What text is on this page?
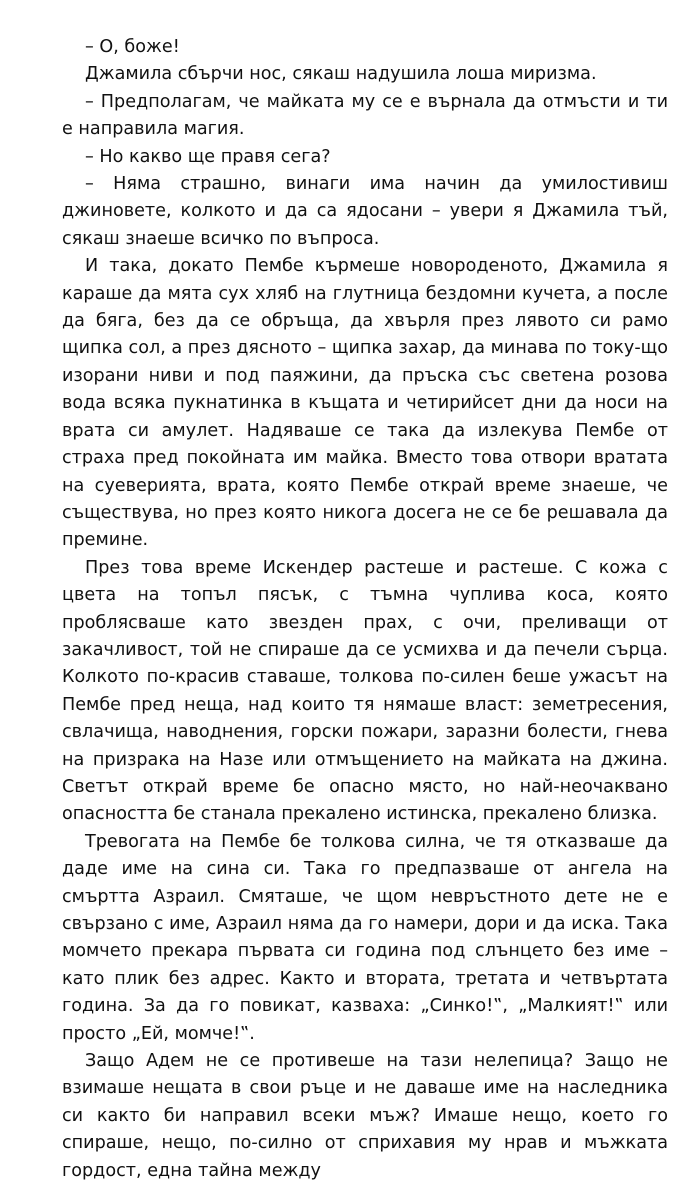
– О, боже!

Джамила сбърчи нос, сякаш надушила лоша миризма.

– Предполагам, че майката му се е върнала да отмъсти и ти е направила магия.

– Но какво ще правя сега?

– Няма страшно, винаги има начин да умилостивиш джиновете, колкото и да са ядосани – увери я Джамила тъй, сякаш знаеше всичко по въпроса.

И така, докато Пембе кърмеше новороденото, Джамила я караше да мята сух хляб на глутница бездомни кучета, а после да бяга, без да се обръща, да хвърля през лявото си рамо щипка сол, а през дясното – щипка захар, да минава по току-що изорани ниви и под паяжини, да пръска със светена розова вода всяка пукнатинка в къщата и четирийсет дни да носи на врата си амулет. Надяваше се така да излекува Пембе от страха пред покойната им майка. Вместо това отвори вратата на суеверията, врата, която Пембе открай време знаеше, че съществува, но през която никога досега не се бе решавала да премине.

През това време Искендер растеше и растеше. С кожа с цвета на топъл пясък, с тъмна чуплива коса, която проблясваше като звезден прах, с очи, преливащи от закачливост, той не спираше да се усмихва и да печели сърца. Колкото по-красив ставаше, толкова по-силен беше ужасът на Пембе пред неща, над които тя нямаше власт: земетресения, свлачища, наводнения, горски пожари, заразни болести, гнева на призрака на Назе или отмъщението на майката на джина. Светът открай време бе опасно място, но най-неочаквано опасността бе станала прекалено истинска, прекалено близка.

Тревогата на Пембе бе толкова силна, че тя отказваше да даде име на сина си. Така го предпазваше от ангела на смъртта Азраил. Смяташе, че щом невръстното дете не е свързано с име, Азраил няма да го намери, дори и да иска. Така момчето прекара първата си година под слънцето без име – като плик без адрес. Както и втората, третата и четвъртата година. За да го повикат, казваха: „Синко!‟, „Малкият!‟ или просто „Ей, момче!‟.

Защо Адем не се противеше на тази нелепица? Защо не взимаше нещата в свои ръце и не даваше име на наследника си както би направил всеки мъж? Имаше нещо, което го спираше, нещо, по-силно от сприхавия му нрав и мъжката гордост, една тайна между
